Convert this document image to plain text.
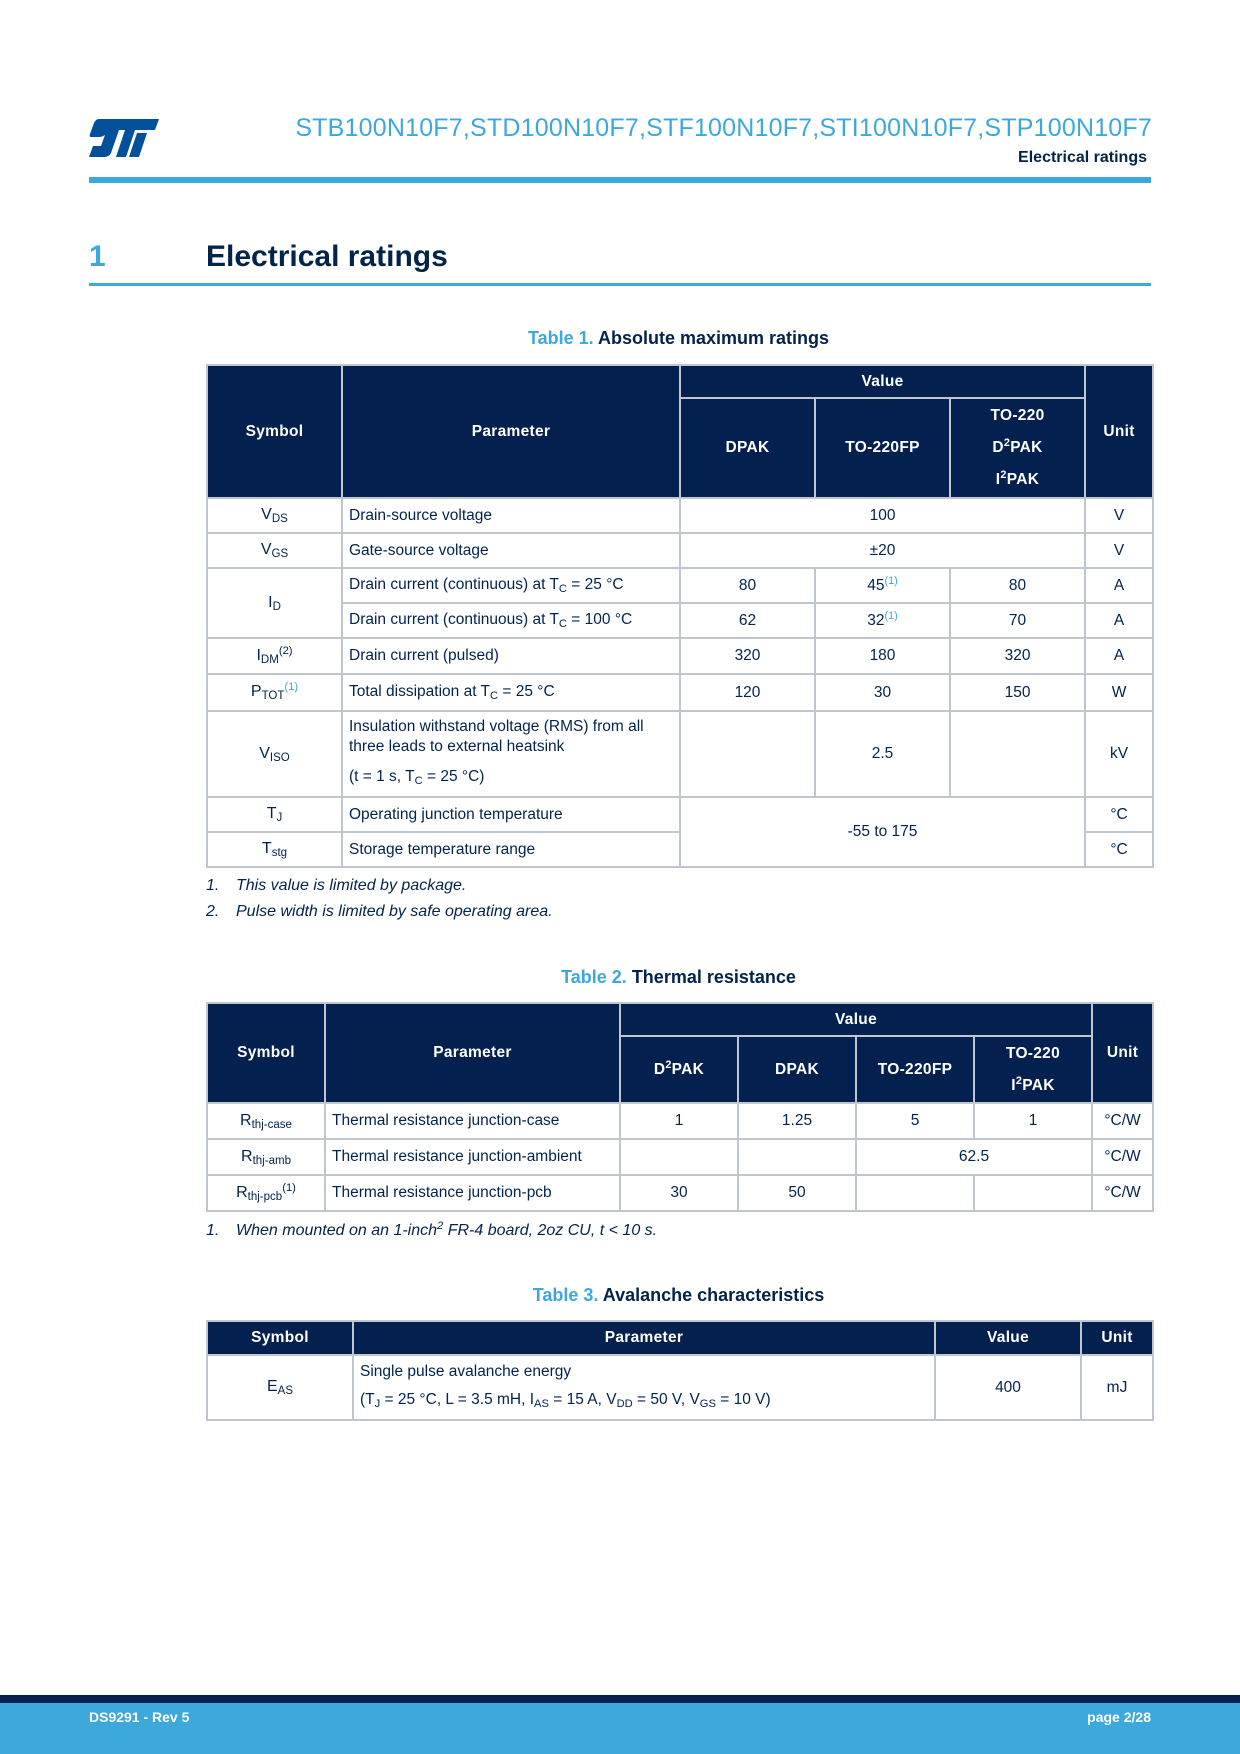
STB100N10F7,STD100N10F7,STF100N10F7,STI100N10F7,STP100N10F7
Electrical ratings
1	Electrical ratings
Table 1. Absolute maximum ratings
Symbol	Parameter	Value			Unit
		DPAK	TO-220FP	TO-220
$D^2PAK$
$I^2PAK$	

$V_{DS}$	Drain-source voltage	100			V
$V_{GS}$	Gate-source voltage	±20			V
$I_D$	Drain current (continuous) at $T_C = 25$ °C	80	45$^{(1)}$	80	A
	Drain current (continuous) at $T_C = 100$ °C	62	32$^{(1)}$	70	A
$I_{DM}^{(2)}$	Drain current (pulsed)	320	180	320	A
$P_{TOT}^{(1)}$	Total dissipation at $T_C = 25$ °C	120	30	150	W
$V_{ISO}$	Insulation withstand voltage (RMS) from all

three leads to external heatsink

(t = 1 s, $T_C = 25$ °C)		2.5		kV
$T_J$	Operating junction temperature	-55 to 175			°C
$T_{stg}$	Storage temperature range				°C
1. This value is limited by package.
2. Pulse width is limited by safe operating area.
Table 2. Thermal resistance
Symbol	Parameter	Value				Unit
		$D^2PAK$	DPAK	TO-220FP	TO-220
$I^2PAK$	

$R_{thj-case}$	Thermal resistance junction-case	1	1.25	5	1	°C/W
$R_{thj-amb}$	Thermal resistance junction-ambient			62.5		°C/W
$R_{thj-pcb}^{(1)}$	Thermal resistance junction-pcb	30	50			°C/W
1. When mounted on an 1-inch$^2$ FR-4 board, 2oz CU, t < 10 s.
Table 3. Avalanche characteristics
Symbol	Parameter	Value	Unit
$E_{AS}$	Single pulse avalanche energy

($T_J = 25$ °C, L = 3.5 mH, $I_{AS} = 15$ A, $V_{DD} = 50$ V, $V_{GS} = 10$ V)	400	mJ
DS9291 - Rev 5	page 2/28
